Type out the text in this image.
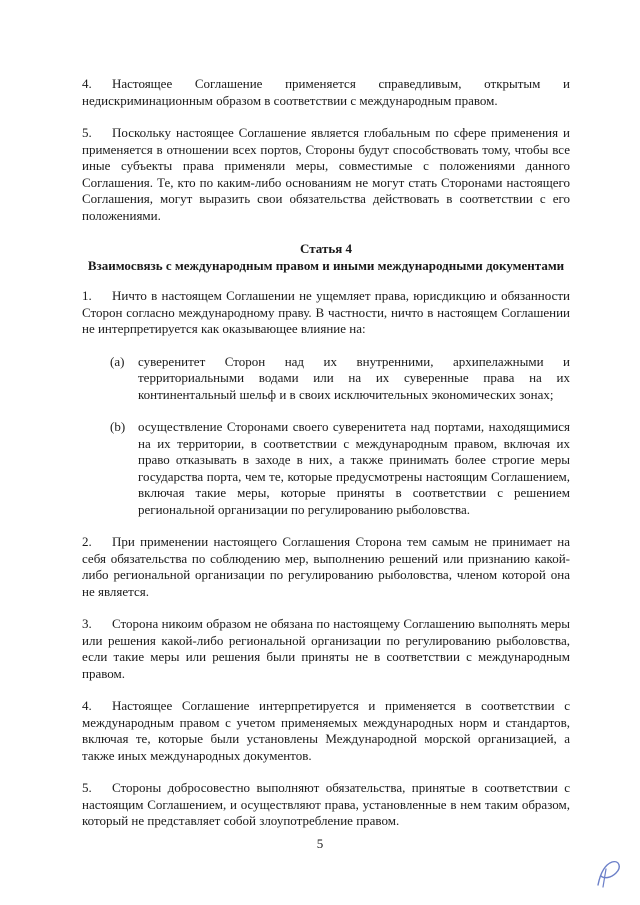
4. Настоящее Соглашение применяется справедливым, открытым и недискриминационным образом в соответствии с международным правом.

5. Поскольку настоящее Соглашение является глобальным по сфере применения и применяется в отношении всех портов, Стороны будут способствовать тому, чтобы все иные субъекты права применяли меры, совместимые с положениями данного Соглашения. Те, кто по каким-либо основаниям не могут стать Сторонами настоящего Соглашения, могут выразить свои обязательства действовать в соответствии с его положениями.

Статья 4
Взаимосвязь с международным правом и иными международными документами

1. Ничто в настоящем Соглашении не ущемляет права, юрисдикцию и обязанности Сторон согласно международному праву. В частности, ничто в настоящем Соглашении не интерпретируется как оказывающее влияние на:

(a)	суверенитет Сторон над их внутренними, архипелажными и территориальными водами или на их суверенные права на их континентальный шельф и в своих исключительных экономических зонах;
(b) осуществление Сторонами своего суверенитета над портами, находящимися на их территории, в соответствии с международным правом, включая их право отказывать в заходе в них, а также принимать более строгие меры государства порта, чем те, которые предусмотрены настоящим Соглашением, включая такие меры, которые приняты в соответствии с решением региональной организации по регулированию рыболовства.

2. При применении настоящего Соглашения Сторона тем самым не принимает на себя обязательства по соблюдению мер, выполнению решений или признанию какой-либо региональной организации по регулированию рыболовства, членом которой она не является.

3. Сторона никоим образом не обязана по настоящему Соглашению выполнять меры или решения какой-либо региональной организации по регулированию рыболовства, если такие меры или решения были приняты не в соответствии с международным правом.

4. Настоящее Соглашение интерпретируется и применяется в соответствии с международным правом с учетом применяемых международных норм и стандартов, включая те, которые были установлены Международной морской организацией, а также иных международных документов.

5. Стороны добросовестно выполняют обязательства, принятые в соответствии с настоящим Соглашением, и осуществляют права, установленные в нем таким образом, который не представляет собой злоупотребление правом.

5
